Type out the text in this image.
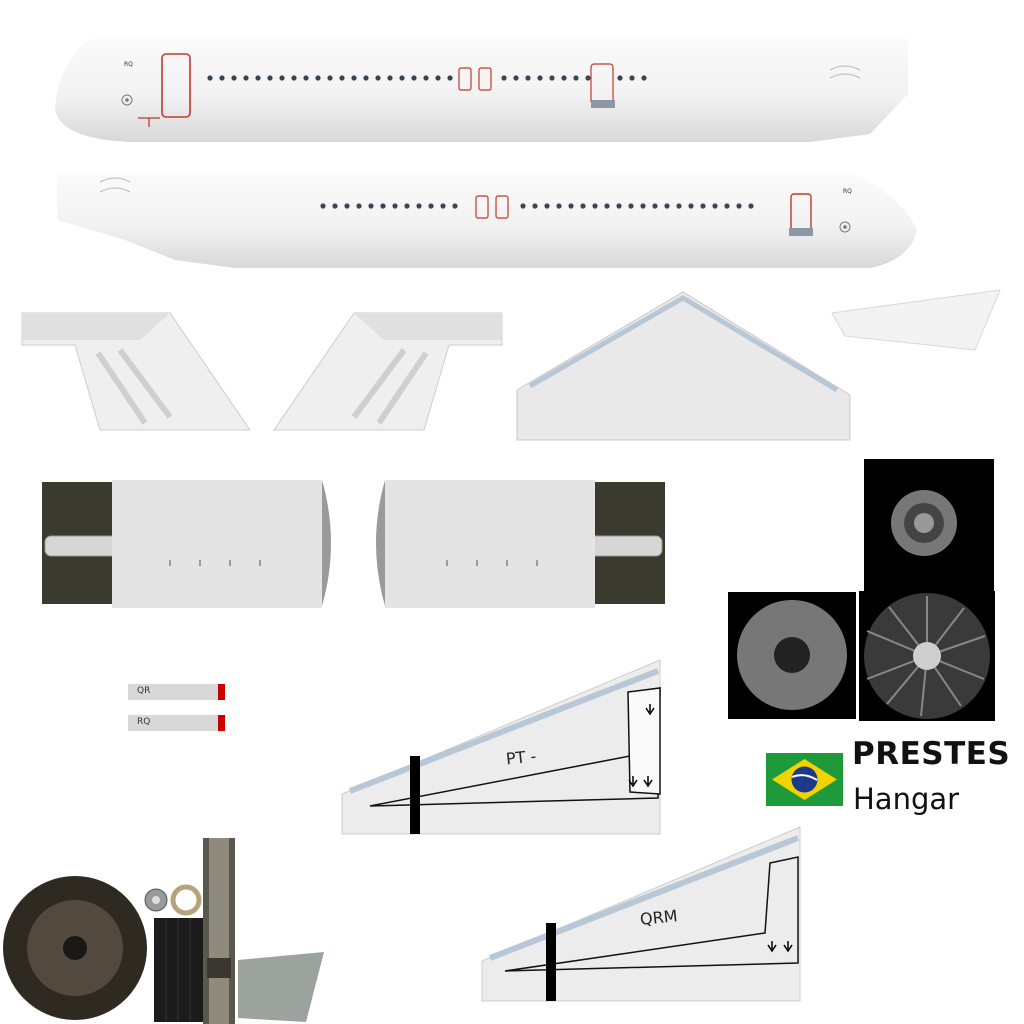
RQ
RQ
QR
RQ
PT -
QRM
PRESTES
Hangar
